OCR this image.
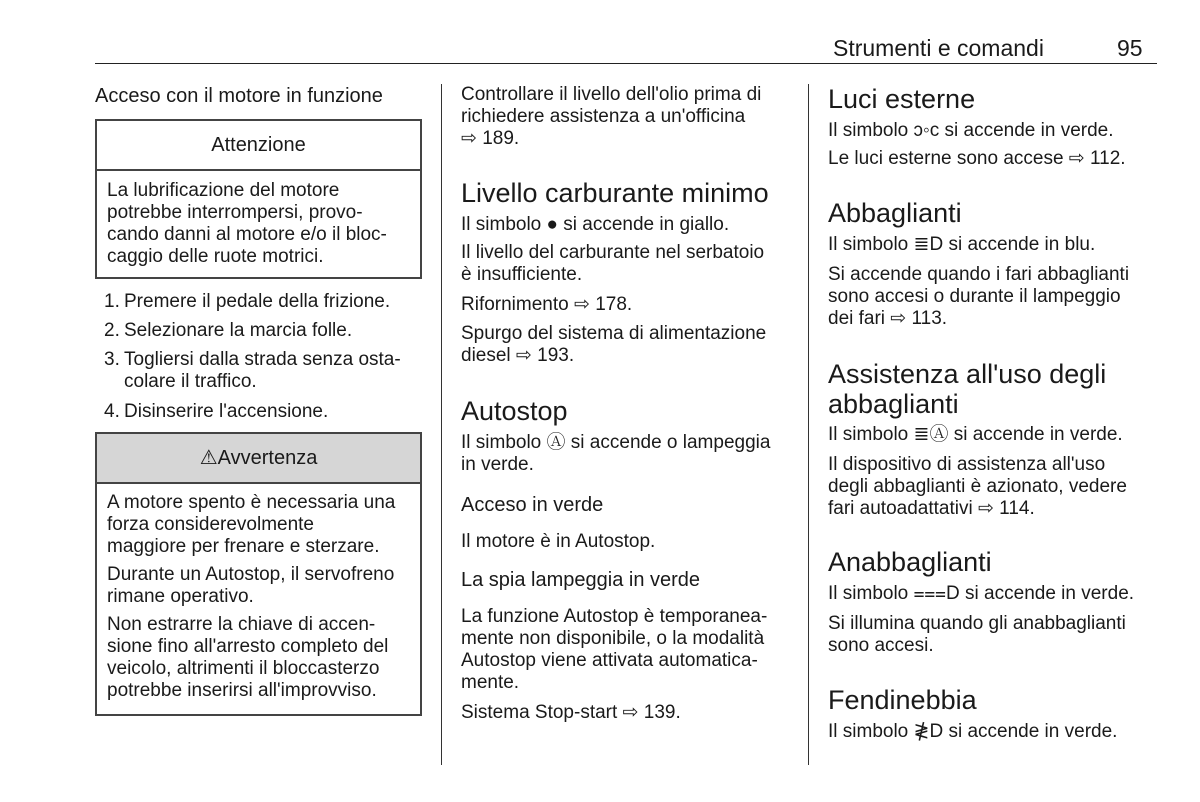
Strumenti e comandi	95
Acceso con il motore in funzione
Attenzione

La lubrificazione del motore
potrebbe interrompersi, provo-
cando danni al motore e/o il bloc-
caggio delle ruote motrici.

1. Premere il pedale della frizione.
2. Selezionare la marcia folle.
3. Togliersi dalla strada senza osta-
colare il traffico.
4. Disinserire l'accensione.
⚠Avvertenza

A motore spento è necessaria una
forza considerevolmente
maggiore per frenare e sterzare.

Durante un Autostop, il servofreno
rimane operativo.

Non estrarre la chiave di accen-
sione fino all'arresto completo del
veicolo, altrimenti il bloccasterzo
potrebbe inserirsi all'improvviso.

Controllare il livello dell'olio prima di
richiedere assistenza a un'officina
⇨ 189.
Livello carburante minimo
Il simbolo ● si accende in giallo.
Il livello del carburante nel serbatoio
è insufficiente.
Rifornimento ⇨ 178.
Spurgo del sistema di alimentazione
diesel ⇨ 193.
Autostop
Il simbolo Ⓐ si accende o lampeggia
in verde.
Acceso in verde
Il motore è in Autostop.
La spia lampeggia in verde
La funzione Autostop è temporanea-
mente non disponibile, o la modalità
Autostop viene attivata automatica-
mente.
Sistema Stop-start ⇨ 139.
Luci esterne
Il simbolo ᴐ◦ᴄ si accende in verde.
Le luci esterne sono accese ⇨ 112.
Abbaglianti
Il simbolo ≣D si accende in blu.
Si accende quando i fari abbaglianti
sono accesi o durante il lampeggio
dei fari ⇨ 113.
Assistenza all'uso degli
abbaglianti
Il simbolo ≣Ⓐ si accende in verde.
Il dispositivo di assistenza all'uso
degli abbaglianti è azionato, vedere
fari autoadattativi ⇨ 114.
Anabbaglianti
Il simbolo ⩶D si accende in verde.
Si illumina quando gli anabbaglianti
sono accesi.
Fendinebbia
Il simbolo ≹D si accende in verde.
